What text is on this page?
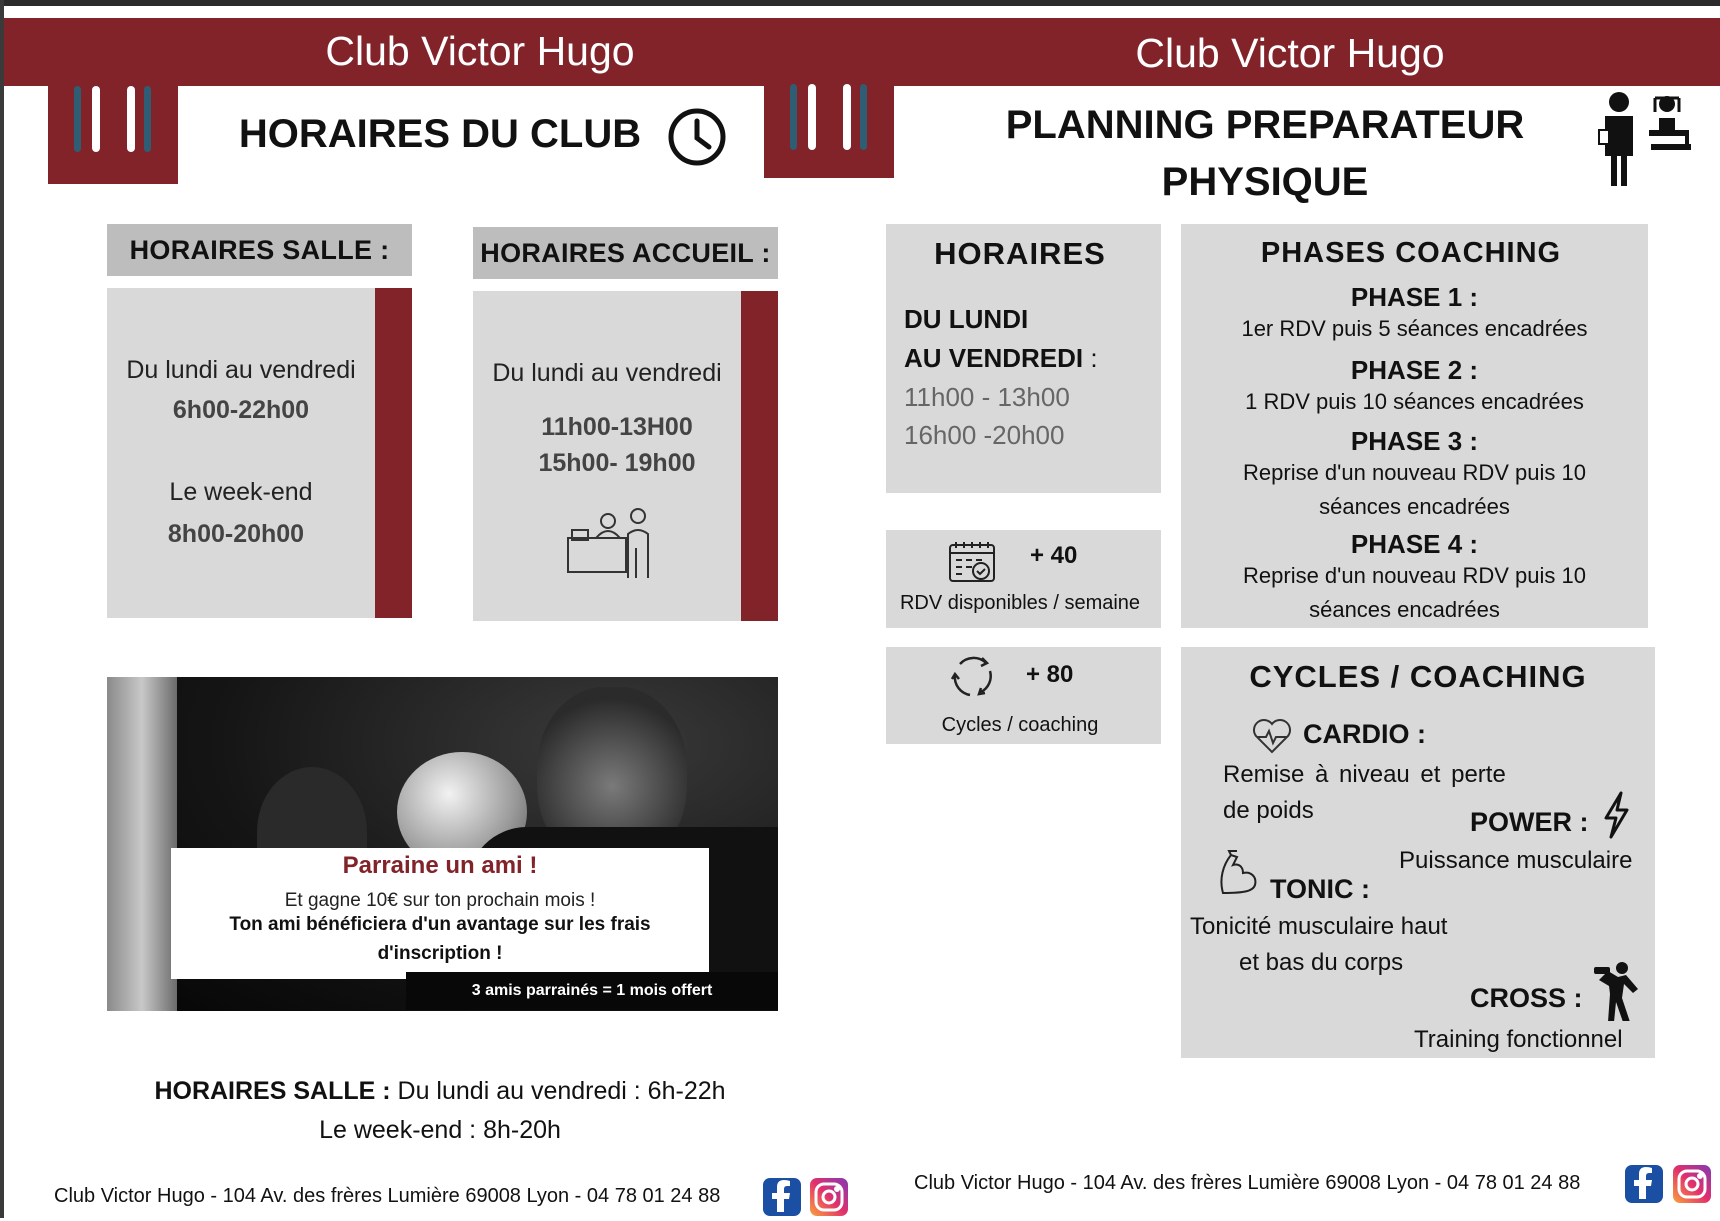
Club Victor Hugo
HORAIRES DU CLUB
HORAIRES SALLE :
Du lundi au vendredi
6h00-22h00
Le week-end
8h00-20h00
HORAIRES ACCUEIL :
Du lundi au vendredi
11h00-13H00
15h00- 19h00
Parraine un ami !
Et gagne 10€ sur ton prochain mois !
Ton ami bénéficiera d'un avantage sur les frais
d'inscription !
3 amis parrainés = 1 mois offert
HORAIRES SALLE : Du lundi au vendredi : 6h-22h
Le week-end : 8h-20h
Club Victor Hugo - 104 Av. des frères Lumière 69008 Lyon - 04 78 01 24 88
Club Victor Hugo
PLANNING PREPARATEUR
PHYSIQUE
HORAIRES
DU LUNDI
AU VENDREDI :
11h00 - 13h00
16h00 -20h00
+ 40
RDV disponibles / semaine
+ 80
Cycles / coaching
PHASES COACHING
PHASE 1 :
1er RDV puis 5 séances encadrées
PHASE 2 :
1 RDV puis 10 séances encadrées
PHASE 3 :
Reprise d'un nouveau RDV puis 10
séances encadrées
PHASE 4 :
Reprise d'un nouveau RDV puis 10
séances encadrées
CYCLES / COACHING
CARDIO :
Remise à niveau et perte
de poids	POWER :
Puissance musculaire
TONIC :
Tonicité musculaire haut
et bas du corps
CROSS :
Training fonctionnel
Club Victor Hugo - 104 Av. des frères Lumière 69008 Lyon - 04 78 01 24 88
